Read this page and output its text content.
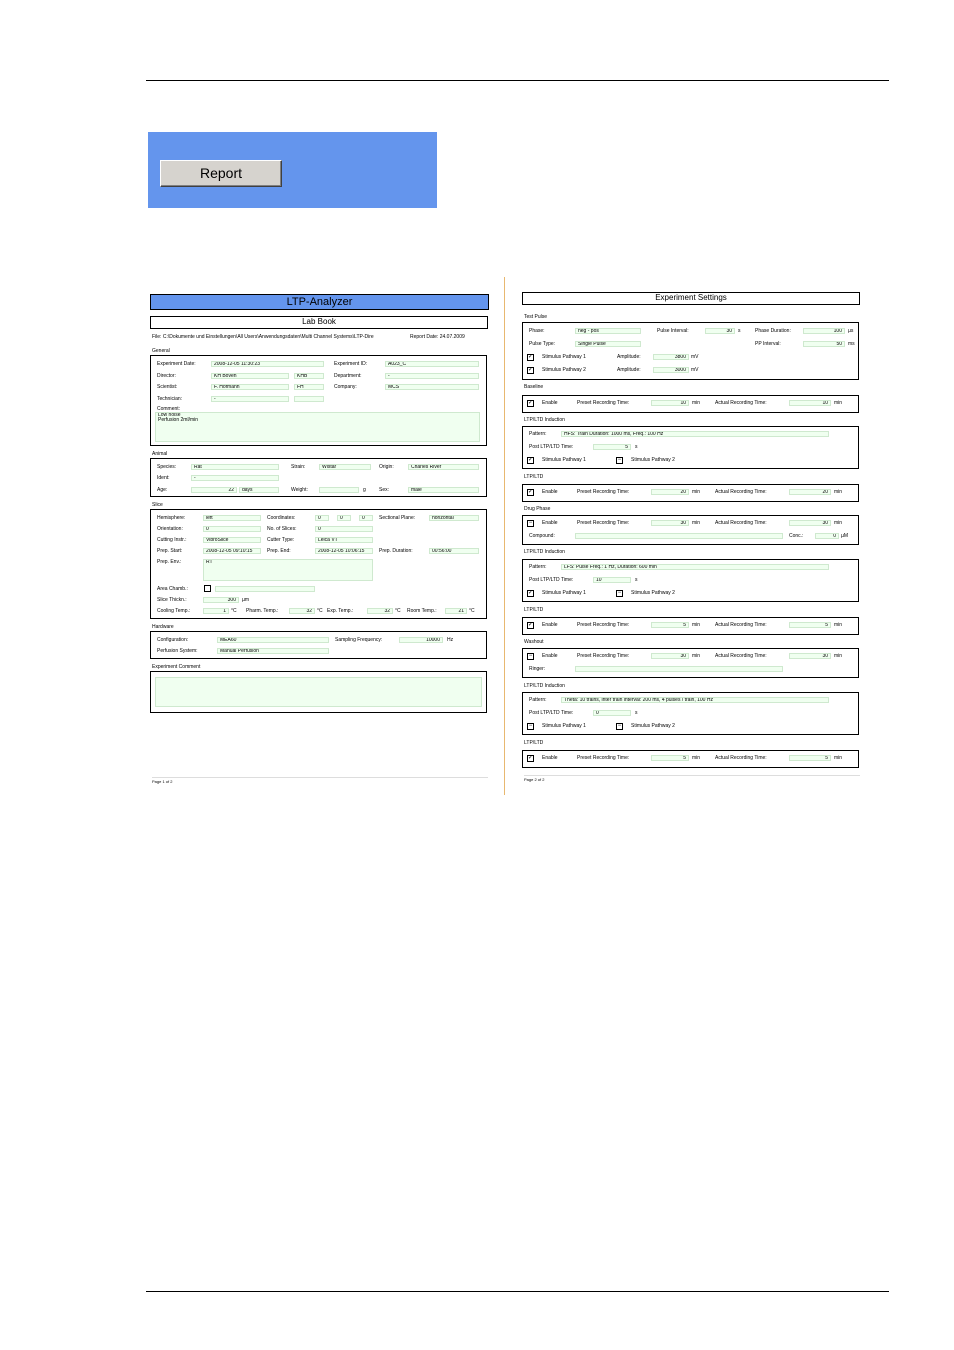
Report
LTP-Analyzer
Lab Book
File: C:\Dokumente und Einstellungen\All Users\Anwendungsdaten\Multi Channel Systems\LTP-Dire	Report Date: 24.07.2009
General
Experiment Date:	2008-12-05 11:30:23	Experiment ID:	A023_C
Director:	KH Boven	KHB	Department:	-
Scientist:	F. Hofmann	FH	Company:	MCS
Technician:	-
Comment:
Low noise
Perfusion 2ml/min
Animal
Species:	Rat	Strain:	Wistar	Origin:	Charles River
Ident:	-
Age:	22	days	Weight:	g	Sex:	male
Slice
Hemisphere:	left	Coordinates:	0	0	0	Sectional Plane:	horizontal
Orientation:	0	No. of Slices:	0
Cutting Instr.:	VibroSlice	Cutter Type:	Leica VT
Prep. Start:	2008-12-05 09:10:15	Prep. End:	2008-12-05 10:06:15	Prep. Duration:	00:56:00
Prep. Env.:	RT
Area Chamb.:
Slice Thickn.:	300	µm
Cooling Temp.:	1	°C Pharm. Temp.:	32	°C Exp. Temp.:	32	°C Room Temp.:	21	°C
Hardware
Configuration:	MEA60	Sampling Frequency:	10000	Hz
Perfusion System:	Manual Perfusion
Experiment Comment
Page 1 of 2
Experiment Settings
Test Pulse
Phase:	neg - pos	Pulse Interval:	30	s	Phase Duration:	100	µs
Pulse Type:	Single Pulse	PP Interval:	50	ms
✓ Stimulus Pathway 1	Amplitude:	3800	mV
✓ Stimulus Pathway 2	Amplitude:	3000	mV
Baseline
✓ Enable	Preset Recording Time:	10	min	Actual Recording Time:	10	min
LTP/LTD Induction
Pattern:	HFS: Train Duration: 1000 ms, Freq.: 100 Hz
Post LTP/LTD Time:	5	s
✓ Stimulus Pathway 1	−	Stimulus Pathway 2
LTP/LTD
✓ Enable	Preset Recording Time:	20	min	Actual Recording Time:	20	min
Drug Phase
−	Enable	Preset Recording Time:	30	min	Actual Recording Time:	30	min
Compound:	Conc.:	0	µM
LTP/LTD Induction
Pattern:	LFS: Pulse Freq.: 1 Hz, Duration: 600 min
Post LTP/LTD Time:	10	s
✓ Stimulus Pathway 1	−	Stimulus Pathway 2
LTP/LTD
✓ Enable	Preset Recording Time:	5	min	Actual Recording Time:	5	min
Washout
−	Enable	Preset Recording Time:	30	min	Actual Recording Time:	30	min
Ringer:
LTP/LTD Induction
Pattern:	Theta: 10 trains, inter train interval: 200 ms, 4 pulses / train, 100 Hz
Post LTP/LTD Time:	0	s
−	Stimulus Pathway 1	−	Stimulus Pathway 2
LTP/LTD
✓ Enable	Preset Recording Time:	5	min	Actual Recording Time:	5	min
Page 2 of 2
